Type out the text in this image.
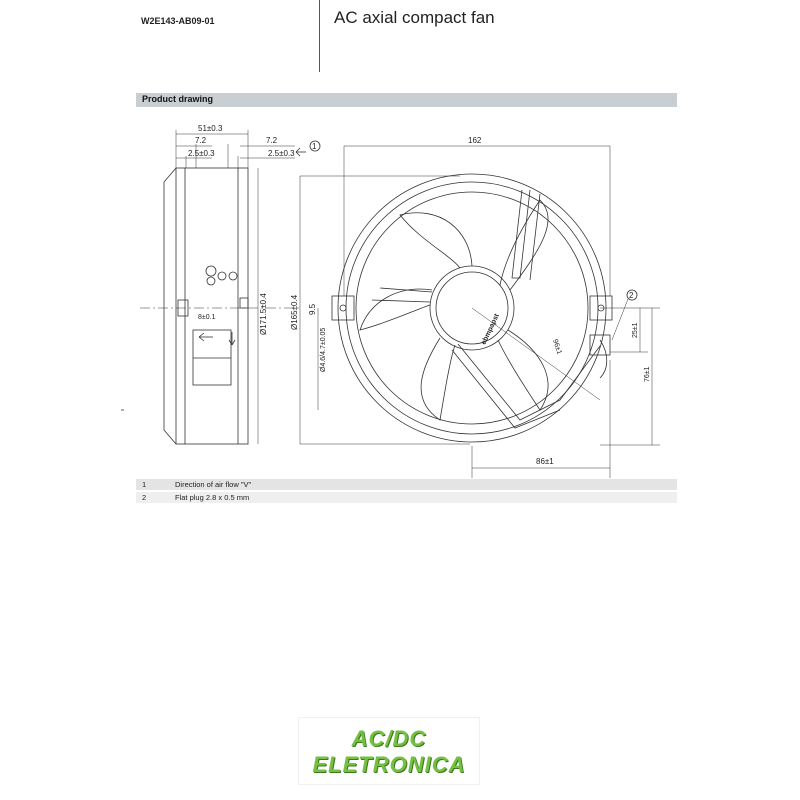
W2E143-AB09-01	AC axial compact fan
Product drawing
51±0.3
7.2	7.2
2.5±0.3	2.5±0.3
162
1
2
8±0.1
86±1
Ø171.5±0.4	Ø165±0.4 9.5
Ø4.6/4.7±0.05	96±1
25±1
76±1
ebmpapst
1	Direction of air flow "V"
2	Flat plug 2.8 x 0.5 mm
AC/DC
ELETRONICA
